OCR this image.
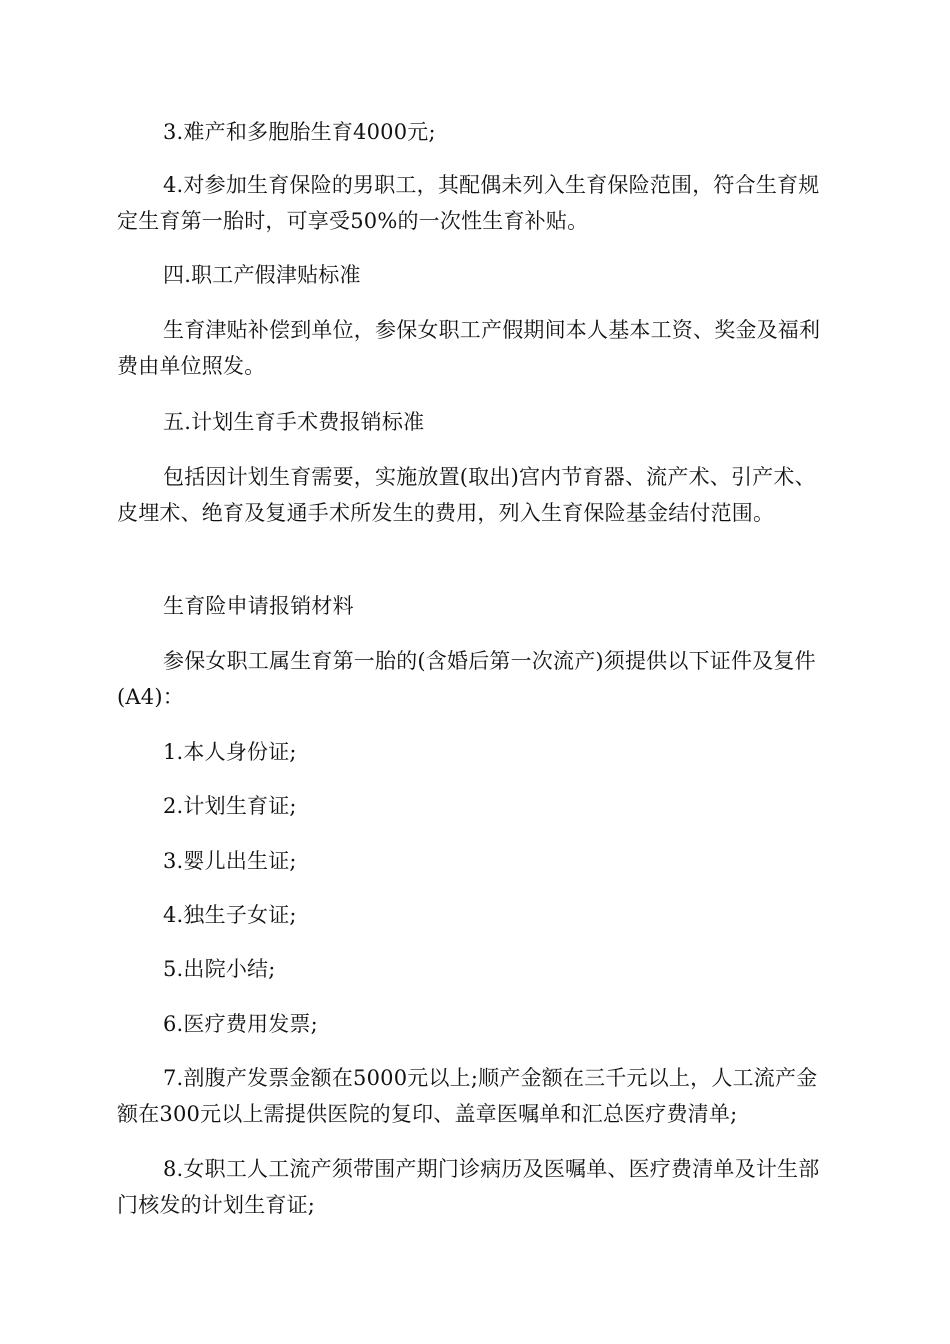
3.难产和多胞胎生育4000元;

4.对参加生育保险的男职工，其配偶未列入生育保险范围，符合生育规定生育第一胎时，可享受50%的一次性生育补贴。

四.职工产假津贴标准

生育津贴补偿到单位，参保女职工产假期间本人基本工资、奖金及福利费由单位照发。

五.计划生育手术费报销标准

包括因计划生育需要，实施放置(取出)宫内节育器、流产术、引产术、皮埋术、绝育及复通手术所发生的费用，列入生育保险基金结付范围。

生育险申请报销材料

参保女职工属生育第一胎的(含婚后第一次流产)须提供以下证件及复件(A4)：

1.本人身份证;

2.计划生育证;

3.婴儿出生证;

4.独生子女证;

5.出院小结;

6.医疗费用发票;

7.剖腹产发票金额在5000元以上;顺产金额在三千元以上，人工流产金额在300元以上需提供医院的复印、盖章医嘱单和汇总医疗费清单;

8.女职工人工流产须带围产期门诊病历及医嘱单、医疗费清单及计生部门核发的计划生育证;
